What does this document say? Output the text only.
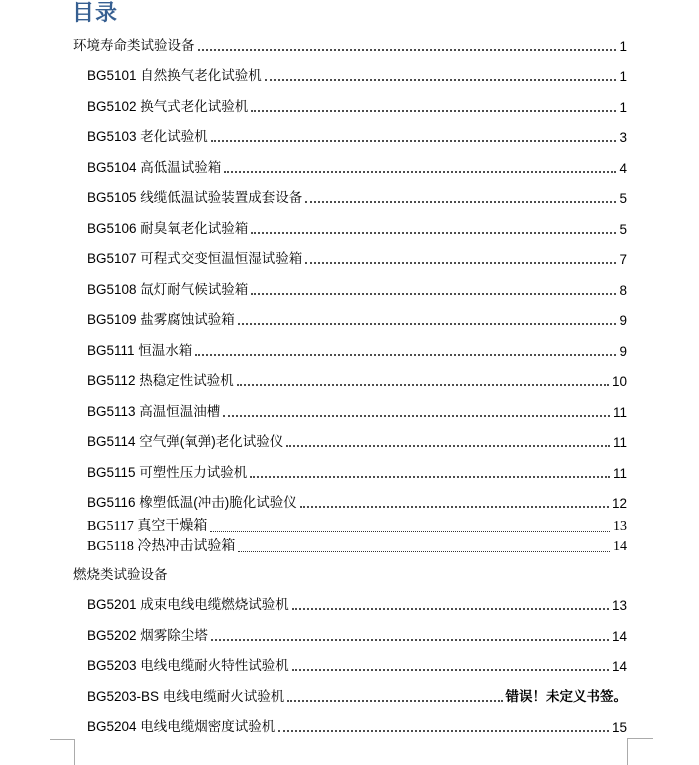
目录
环境寿命类试验设备	1
BG5101 自然换气老化试验机	1
BG5102 换气式老化试验机	1
BG5103 老化试验机	3
BG5104 高低温试验箱	4
BG5105 线缆低温试验装置成套设备	5
BG5106 耐臭氧老化试验箱	5
BG5107 可程式交变恒温恒湿试验箱	7
BG5108 氙灯耐气候试验箱	8
BG5109 盐雾腐蚀试验箱	9
BG5111 恒温水箱	9
BG5112 热稳定性试验机	10
BG5113 高温恒温油槽	11
BG5114 空气弹(氧弹)老化试验仪	11
BG5115 可塑性压力试验机	11
BG5116 橡塑低温(冲击)脆化试验仪	12
BG5117 真空干燥箱	13
BG5118 冷热冲击试验箱	14
燃烧类试验设备
BG5201 成束电线电缆燃烧试验机	13
BG5202 烟雾除尘塔	14
BG5203 电线电缆耐火特性试验机	14
BG5203-BS 电线电缆耐火试验机	错误！未定义书签。
BG5204 电线电缆烟密度试验机	15
